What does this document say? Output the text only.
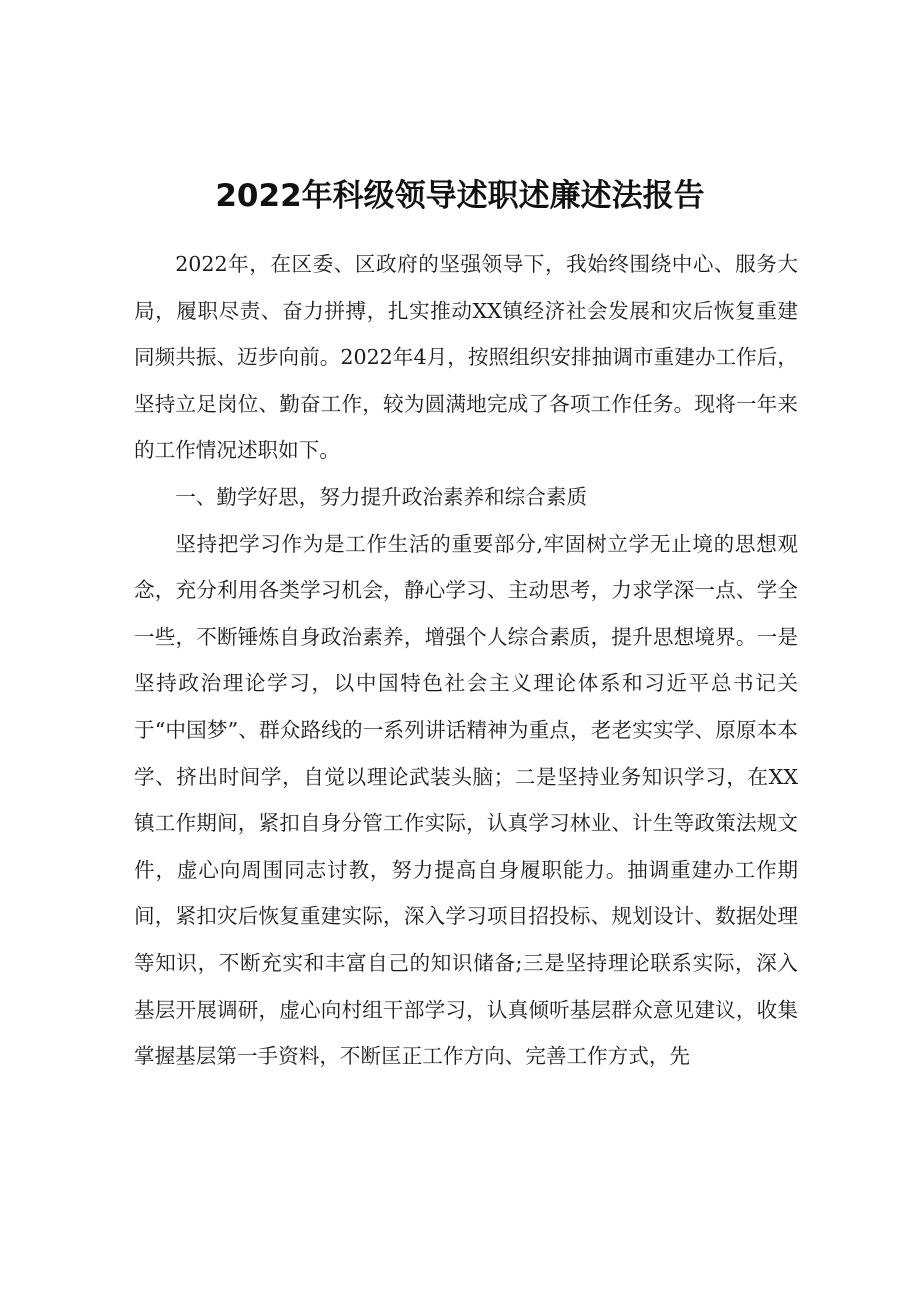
2022年科级领导述职述廉述法报告

2022年，在区委、区政府的坚强领导下，我始终围绕中心、服务大局，履职尽责、奋力拼搏，扎实推动XX镇经济社会发展和灾后恢复重建同频共振、迈步向前。2022年4月，按照组织安排抽调市重建办工作后，坚持立足岗位、勤奋工作，较为圆满地完成了各项工作任务。现将一年来的工作情况述职如下。

一、勤学好思，努力提升政治素养和综合素质

坚持把学习作为是工作生活的重要部分,牢固树立学无止境的思想观念，充分利用各类学习机会，静心学习、主动思考，力求学深一点、学全一些，不断锤炼自身政治素养，增强个人综合素质，提升思想境界。一是坚持政治理论学习，以中国特色社会主义理论体系和习近平总书记关于“中国梦”、群众路线的一系列讲话精神为重点，老老实实学、原原本本学、挤出时间学，自觉以理论武装头脑；二是坚持业务知识学习，在XX镇工作期间，紧扣自身分管工作实际，认真学习林业、计生等政策法规文件，虚心向周围同志讨教，努力提高自身履职能力。抽调重建办工作期间，紧扣灾后恢复重建实际，深入学习项目招投标、规划设计、数据处理等知识，不断充实和丰富自己的知识储备;三是坚持理论联系实际，深入基层开展调研，虚心向村组干部学习，认真倾听基层群众意见建议，收集掌握基层第一手资料，不断匡正工作方向、完善工作方式，先
